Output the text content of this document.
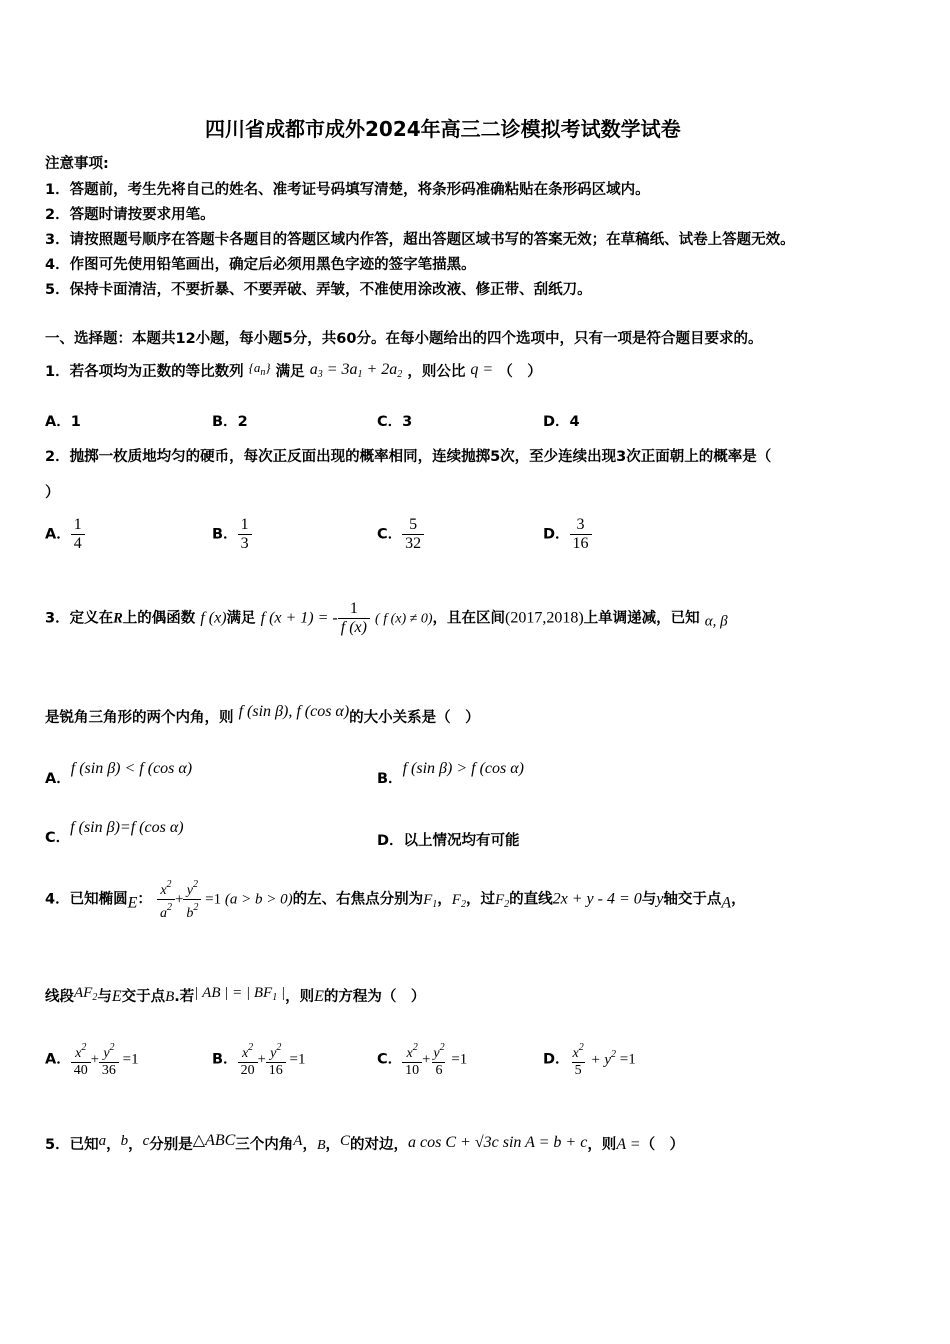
四川省成都市成外2024年高三二诊模拟考试数学试卷
注意事项:
1．答题前，考生先将自己的姓名、准考证号码填写清楚，将条形码准确粘贴在条形码区域内。
2．答题时请按要求用笔。
3．请按照题号顺序在答题卡各题目的答题区域内作答，超出答题区域书写的答案无效；在草稿纸、试卷上答题无效。
4．作图可先使用铅笔画出，确定后必须用黑色字迹的签字笔描黑。
5．保持卡面清洁，不要折暴、不要弄破、弄皱，不准使用涂改液、修正带、刮纸刀。
一、选择题：本题共12小题，每小题5分，共60分。在每小题给出的四个选项中，只有一项是符合题目要求的。
1．若各项均为正数的等比数列 $\{a_n\}$ 满足 $a_3 = 3a_1 + 2a_2$ ，则公比 q = （　）
A．1	B．2	C．3	D．4
2．抛掷一枚质地均匀的硬币，每次正反面出现的概率相同，连续抛掷5次，至少连续出现3次正面朝上的概率是（
）
A． $\frac{1}{4}$	B． $\frac{1}{3}$	C． $\frac{5}{32}$	D． $\frac{3}{16}$
3．定义在R上的偶函数 f (x)满足 f (x + 1) = - $\frac{1}{f (x)}$ ( f (x) ≠ 0)，且在区间(2017,2018)上单调递减，已知 α, β
是锐角三角形的两个内角，则 f (sin β), f (cos α)的大小关系是（　）
A．f (sin β) < f (cos α)
B．f (sin β) > f (cos α)
C．f (sin β)=f (cos α)
D．以上情况均有可能
4．已知椭圆E： $\frac{x^2}{a^2} + \frac{y^2}{b^2} =1$ (a > b > 0)的左、右焦点分别为$F_1$，$F_2$，过$F_2$的直线2x + y - 4 = 0与y轴交于点A，
线段$AF_2$与E交于点B.若| AB | = | $BF_1$ |，则E的方程为（　）
A． $\frac{x^2}{40} + \frac{y^2}{36} =1$	B． $\frac{x^2}{20} + \frac{y^2}{16} =1$	C． $\frac{x^2}{10} + \frac{y^2}{6} =1$	D． $\frac{x^2}{5} + y^2 =1$
5．已知a，b，c分别是△ABC三个内角A，B，C的对边，a cos C + √3c sin A = b + c，则A =（　）
